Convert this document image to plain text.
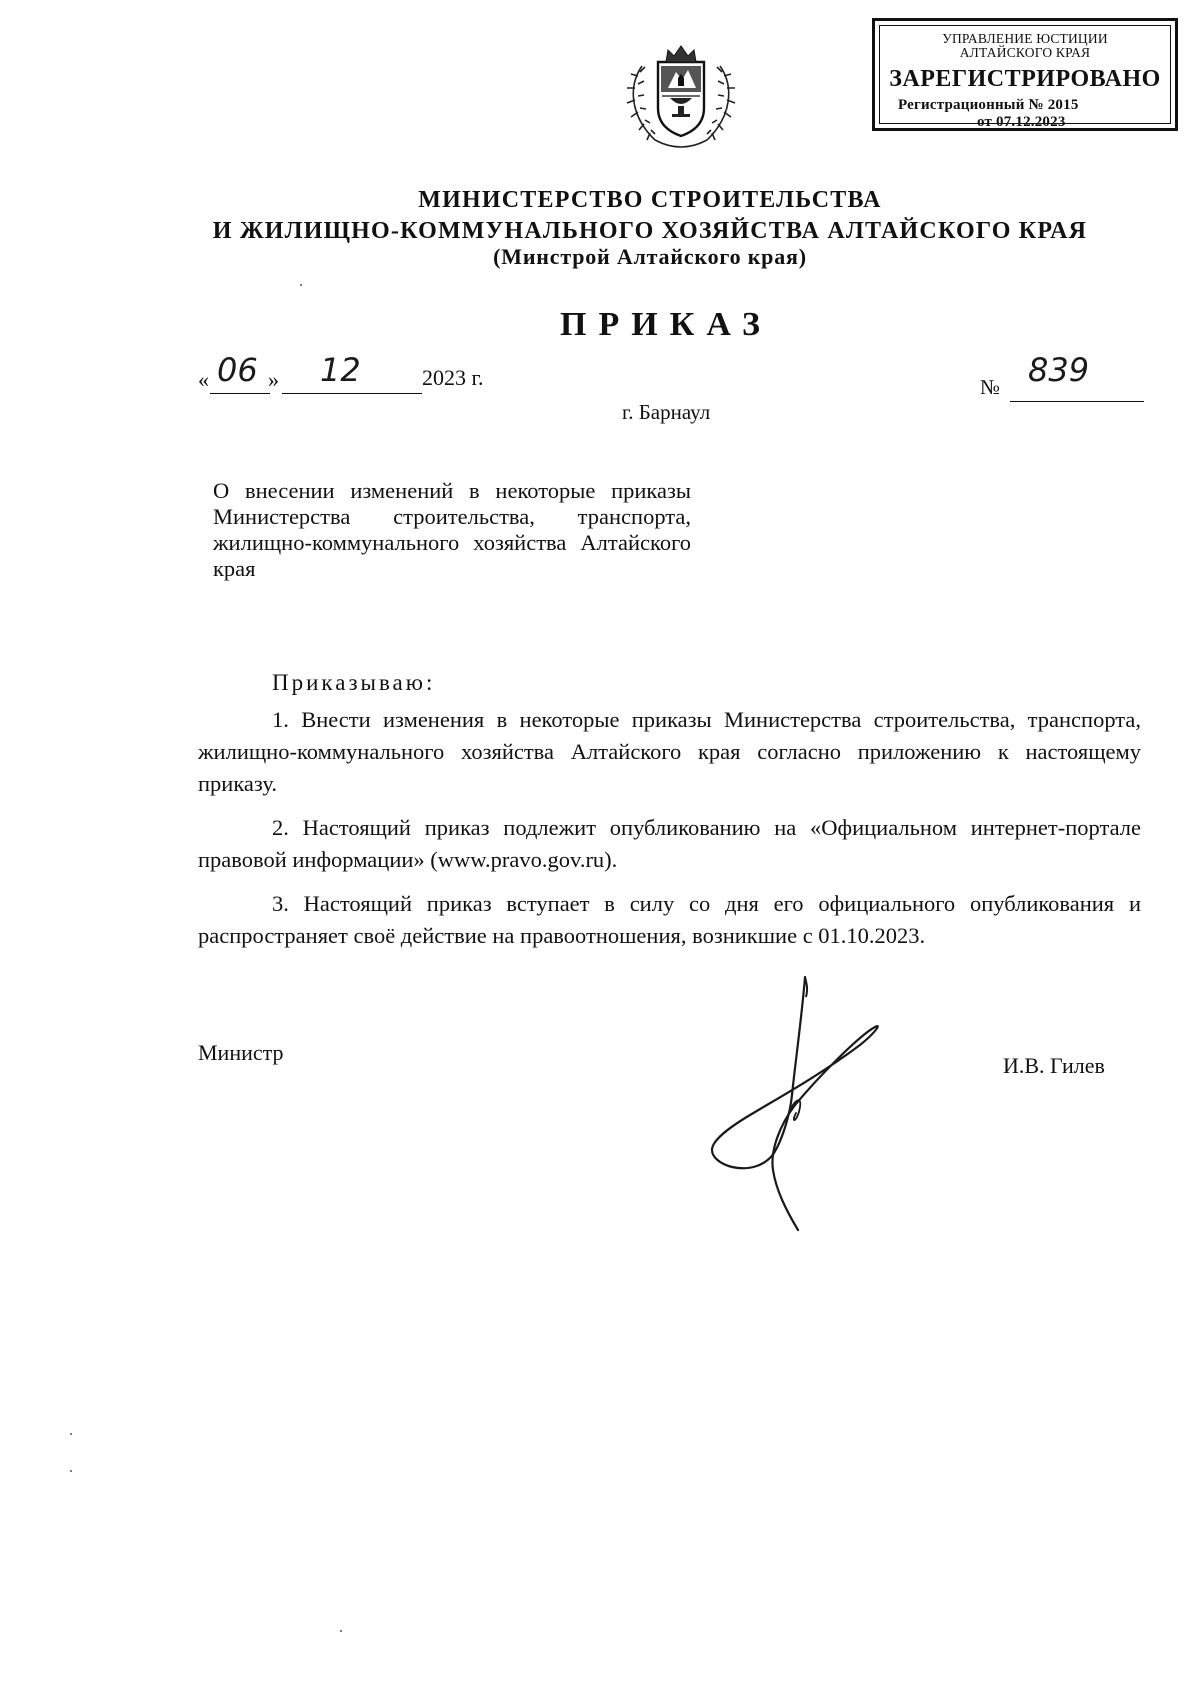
УПРАВЛЕНИЕ ЮСТИЦИИ
АЛТАЙСКОГО КРАЯ
ЗАРЕГИСТРИРОВАНО
Регистрационный № 2015
от 07.12.2023
МИНИСТЕРСТВО СТРОИТЕЛЬСТВА
И ЖИЛИЩНО-КОММУНАЛЬНОГО ХОЗЯЙСТВА АЛТАЙСКОГО КРАЯ
(Минстрой Алтайского края)
ПРИКАЗ
« 06 » 12	2023 г.	№ 839
г. Барнаул
О внесении изменений в некоторые приказы Министерства строительства, транспорта, жилищно-коммунального хозяйства Алтайского края
Приказываю:

1. Внести изменения в некоторые приказы Министерства строительства, транспорта, жилищно-коммунального хозяйства Алтайского края согласно приложению к настоящему приказу.

2. Настоящий приказ подлежит опубликованию на «Официальном интернет-портале правовой информации» (www.pravo.gov.ru).

3. Настоящий приказ вступает в силу со дня его официального опубликования и распространяет своё действие на правоотношения, возникшие с 01.10.2023.

Министр
И.В. Гилев
